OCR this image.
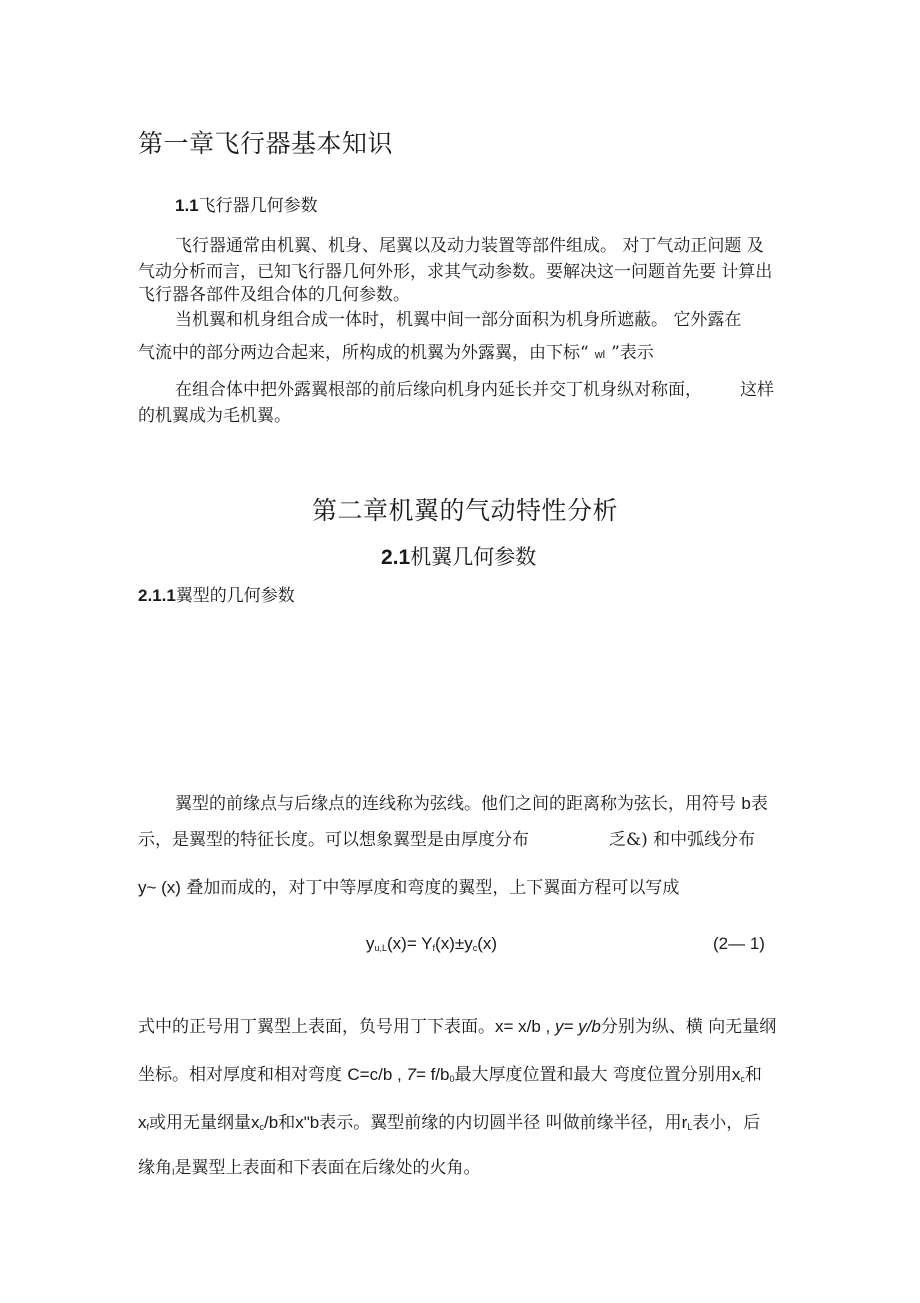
第一章飞行器基本知识
1.1飞行器几何参数
飞行器通常由机翼、机身、尾翼以及动力装置等部件组成。 对丁气动正问题 及
气动分析而言，已知飞行器几何外形，求其气动参数。要解决这一问题首先要 计算出
飞行器各部件及组合体的几何参数。
当机翼和机身组合成一体时，机翼中间一部分面积为机身所遮蔽。 它外露在
气流中的部分两边合起来，所构成的机翼为外露翼，由下标“ wl ”表示
在组合体中把外露翼根部的前后缘向机身内延长并交丁机身纵对称面， 这样
的机翼成为毛机翼。
第二章机翼的气动特性分析
2.1机翼几何参数
2.1.1翼型的几何参数
翼型的前缘点与后缘点的连线称为弦线。他们之间的距离称为弦长，用符号 b表
示，是翼型的特征长度。可以想象翼型是由厚度分布	乏&) 和中弧线分布
y~ (x) 叠加而成的，对丁中等厚度和弯度的翼型，上下翼面方程可以写成
$y_{u,L}(x)= Y_f(x)\pm y_c(x)$	(2— 1)
式中的正号用丁翼型上表面，负号用丁下表面。x= x/b , y= y/b分别为纵、横 向无量纲
坐标。相对厚度和相对弯度 C=c/b , $7= f/b_0$最大厚度位置和最大 弯度位置分别用$x_c$和
$x_f$或用无量纲量$x_c/b$和x"b表示。翼型前缘的内切圆半径 叫做前缘半径，用$r_L$表小，后
缘角$_I$是翼型上表面和下表面在后缘处的火角。
